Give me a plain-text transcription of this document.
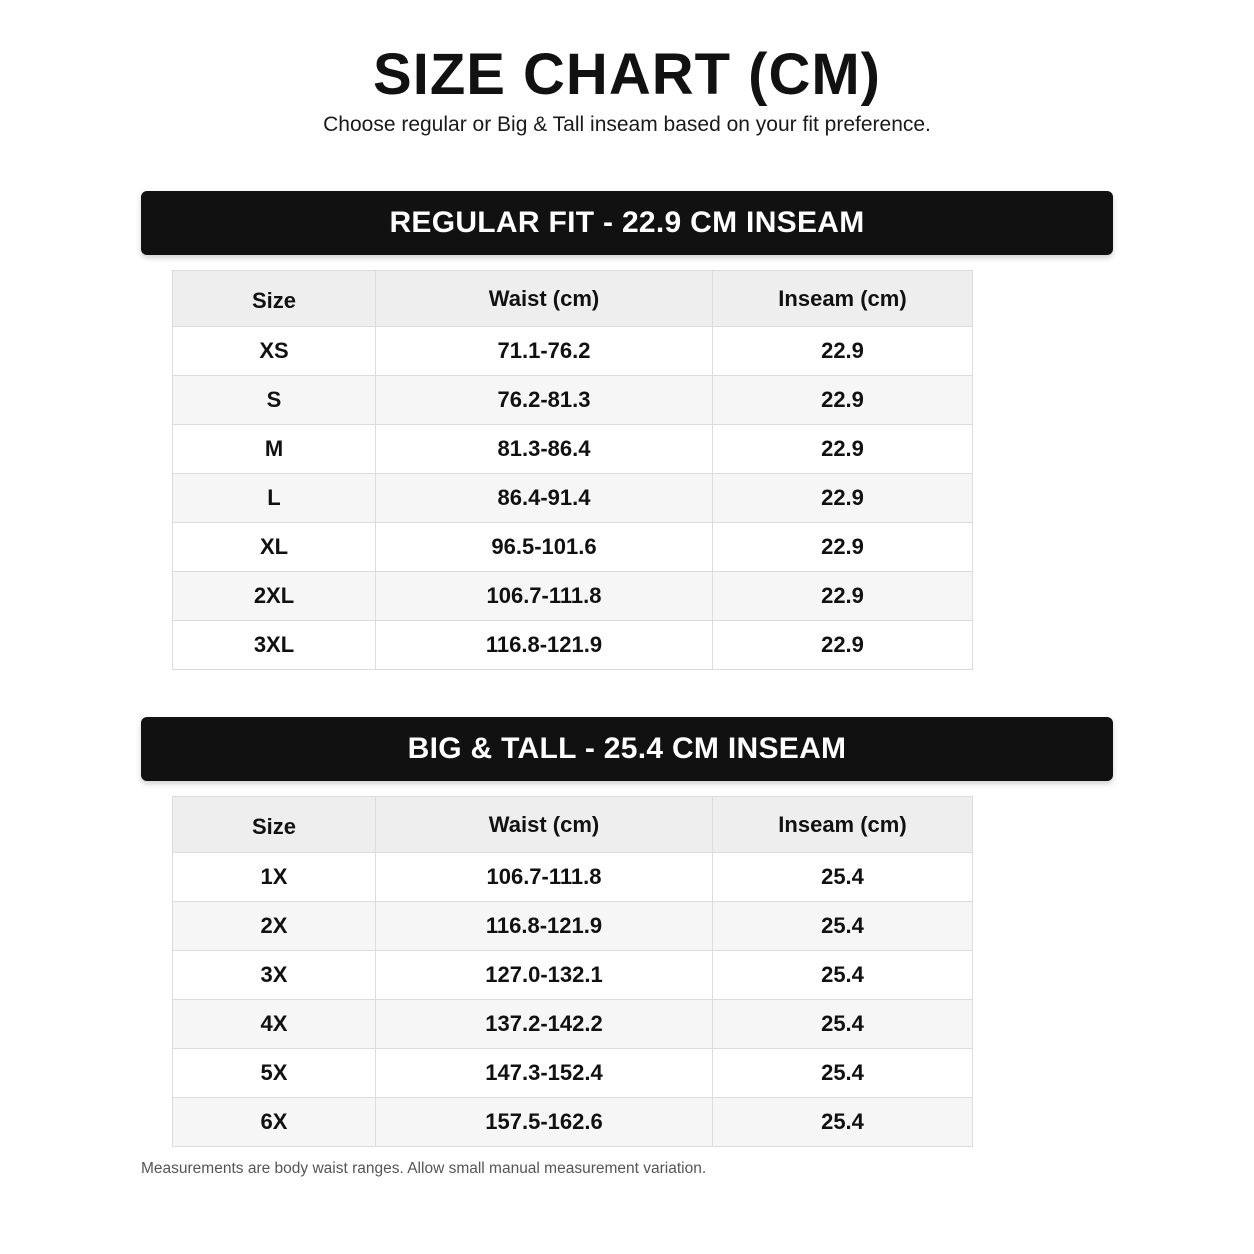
SIZE CHART (CM)
Choose regular or Big & Tall inseam based on your fit preference.
REGULAR FIT - 22.9 CM INSEAM
Size	Waist (cm)	Inseam (cm)
XS	71.1-76.2	22.9
S	76.2-81.3	22.9
M	81.3-86.4	22.9
L	86.4-91.4	22.9
XL	96.5-101.6	22.9
2XL	106.7-111.8	22.9
3XL	116.8-121.9	22.9
BIG & TALL - 25.4 CM INSEAM
Size	Waist (cm)	Inseam (cm)
1X	106.7-111.8	25.4
2X	116.8-121.9	25.4
3X	127.0-132.1	25.4
4X	137.2-142.2	25.4
5X	147.3-152.4	25.4
6X	157.5-162.6	25.4
Measurements are body waist ranges. Allow small manual measurement variation.
